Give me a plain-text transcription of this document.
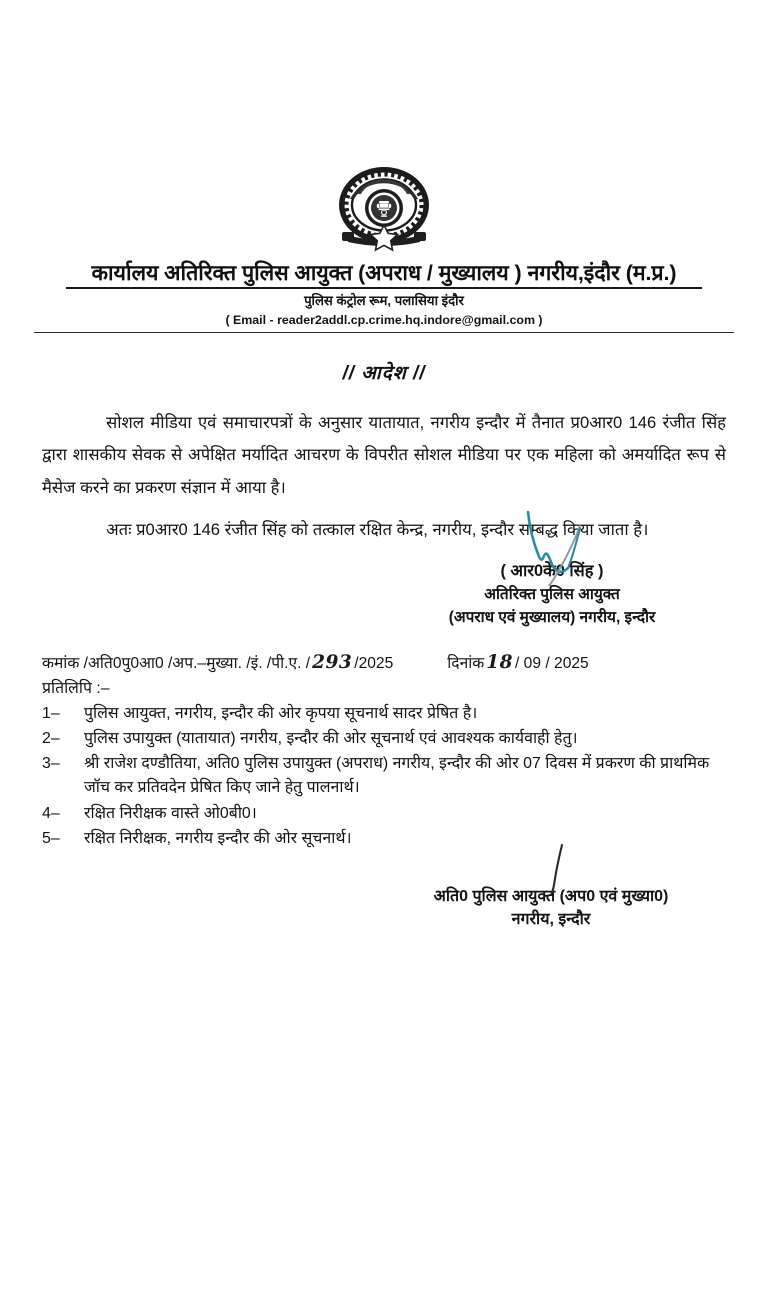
कार्यालय अतिरिक्त पुलिस आयुक्त (अपराध / मुख्यालय ) नगरीय,इंदौर (म.प्र.)
पुलिस कंट्रोल रूम, पलासिया इंदौर
( Email - reader2addl.cp.crime.hq.indore@gmail.com )
// आदेश //

सोशल मीडिया एवं समाचारपत्रों के अनुसार यातायात, नगरीय इन्दौर में तैनात प्र0आर0 146 रंजीत सिंह द्वारा शासकीय सेवक से अपेक्षित मर्यादित आचरण के विपरीत सोशल मीडिया पर एक महिला को अमर्यादित रूप से मैसेज करने का प्रकरण संज्ञान में आया है।

अतः प्र0आर0 146 रंजीत सिंह को तत्काल रक्षित केन्द्र, नगरीय, इन्दौर सम्बद्ध किया जाता है।

( आर0के0 सिंह )
अतिरिक्त पुलिस आयुक्त
(अपराध एवं मुख्यालय) नगरीय, इन्दौर
कमांक /अति0पु0आ0 /अप.–मुख्या. /इं. /पी.ए. / 293 /2025	दिनांक 18 / 09 / 2025
प्रतिलिपि :–
1–	पुलिस आयुक्त, नगरीय, इन्दौर की ओर कृपया सूचनार्थ सादर प्रेषित है।
2–	पुलिस उपायुक्त (यातायात) नगरीय, इन्दौर की ओर सूचनार्थ एवं आवश्यक कार्यवाही हेतु।
3–	श्री राजेश दण्डौतिया, अति0 पुलिस उपायुक्त (अपराध) नगरीय, इन्दौर की ओर 07 दिवस में प्रकरण की प्राथमिक जॉच कर प्रतिवदेन प्रेषित किए जाने हेतु पालनार्थ।
4–	रक्षित निरीक्षक वास्ते ओ0बी0।
5–	रक्षित निरीक्षक, नगरीय इन्दौर की ओर सूचनार्थ।
अति0 पुलिस आयुक्त (अप0 एवं मुख्या0)
नगरीय, इन्दौर
